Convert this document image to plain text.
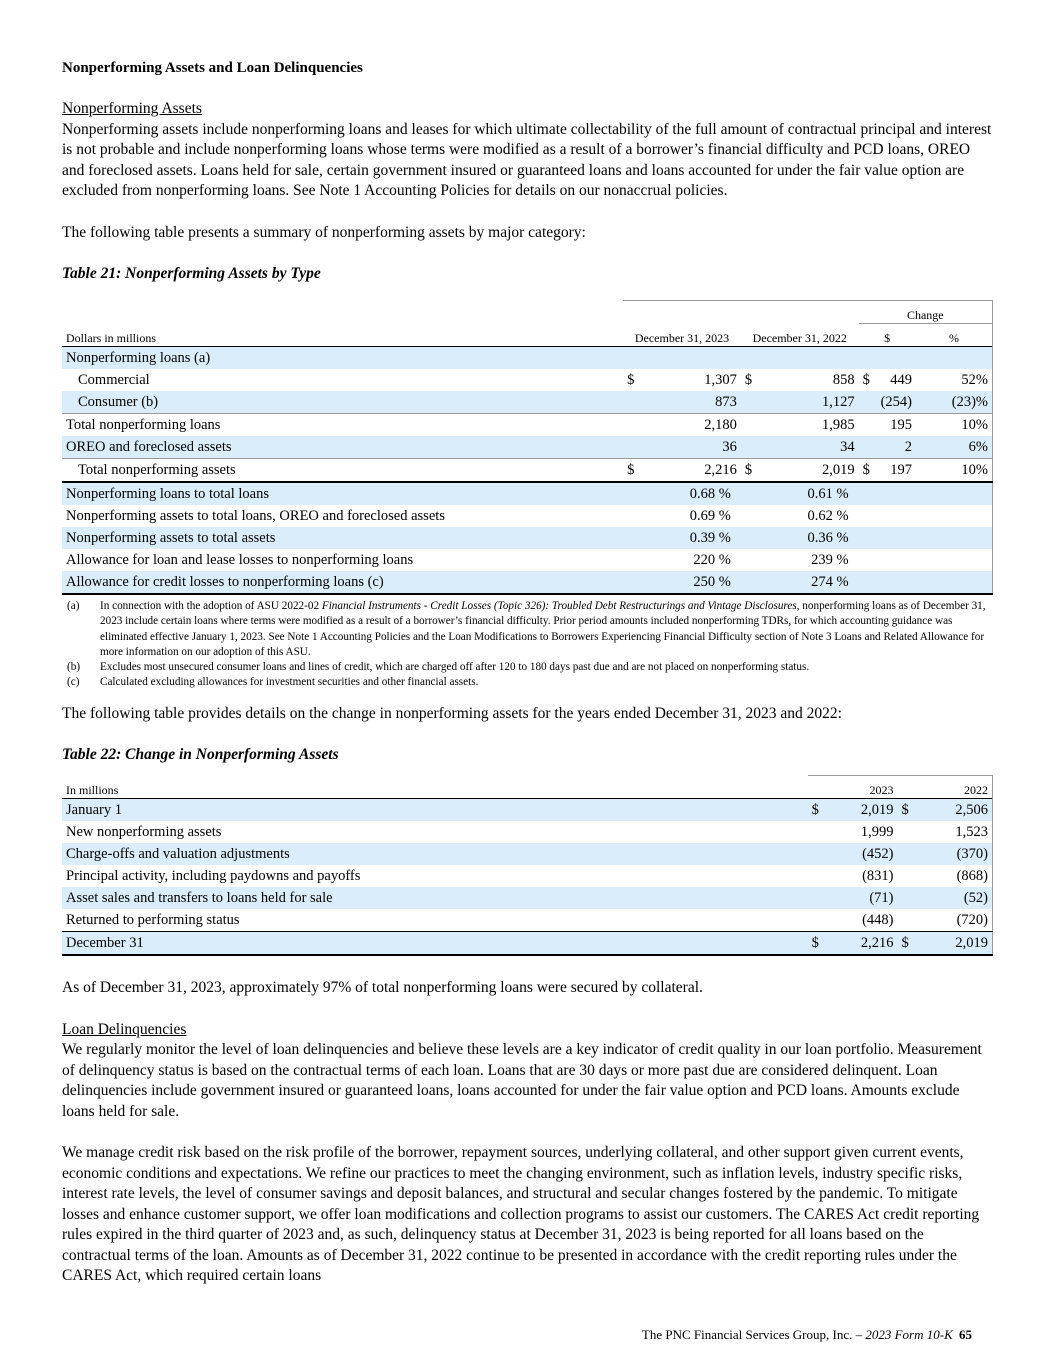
Nonperforming Assets and Loan Delinquencies

Nonperforming Assets

Nonperforming assets include nonperforming loans and leases for which ultimate collectability of the full amount of contractual principal and interest is not probable and include nonperforming loans whose terms were modified as a result of a borrower’s financial difficulty and PCD loans, OREO and foreclosed assets. Loans held for sale, certain government insured or guaranteed loans and loans accounted for under the fair value option are excluded from nonperforming loans. See Note 1 Accounting Policies for details on our nonaccrual policies.

The following table presents a summary of nonperforming assets by major category:

Table 21: Nonperforming Assets by Type

					Change		
Dollars in millions	December 31, 2023		December 31, 2022		$		%
Nonperforming loans (a)							
Commercial	$	1,307	$	858	$	449	52%
Consumer (b)		873		1,127		(254)	(23)%
Total nonperforming loans		2,180		1,985		195	10%
OREO and foreclosed assets		36		34		2	6%
Total nonperforming assets	$	2,216	$	2,019	$	197	10%
Nonperforming loans to total loans	0.68 %		0.61 %				
Nonperforming assets to total loans, OREO and foreclosed assets	0.69 %		0.62 %				
Nonperforming assets to total assets	0.39 %		0.36 %				
Allowance for loan and lease losses to nonperforming loans	220 %		239 %				
Allowance for credit losses to nonperforming loans (c)	250 %		274 %				
(a)	In connection with the adoption of ASU 2022-02 Financial Instruments - Credit Losses (Topic 326): Troubled Debt Restructurings and Vintage Disclosures, nonperforming loans as of December 31, 2023 include certain loans where terms were modified as a result of a borrower’s financial difficulty. Prior period amounts included nonperforming TDRs, for which accounting guidance was eliminated effective January 1, 2023. See Note 1 Accounting Policies and the Loan Modifications to Borrowers Experiencing Financial Difficulty section of Note 3 Loans and Related Allowance for more information on our adoption of this ASU.
(b)	Excludes most unsecured consumer loans and lines of credit, which are charged off after 120 to 180 days past due and are not placed on nonperforming status.
(c)	Calculated excluding allowances for investment securities and other financial assets.

The following table provides details on the change in nonperforming assets for the years ended December 31, 2023 and 2022:

Table 22: Change in Nonperforming Assets

In millions	2023		2022	
January 1	$	2,019	$	2,506
New nonperforming assets		1,999		1,523
Charge-offs and valuation adjustments		(452)		(370)
Principal activity, including paydowns and payoffs		(831)		(868)
Asset sales and transfers to loans held for sale		(71)		(52)
Returned to performing status		(448)		(720)
December 31	$	2,216	$	2,019

As of December 31, 2023, approximately 97% of total nonperforming loans were secured by collateral.

Loan Delinquencies

We regularly monitor the level of loan delinquencies and believe these levels are a key indicator of credit quality in our loan portfolio. Measurement of delinquency status is based on the contractual terms of each loan. Loans that are 30 days or more past due are considered delinquent. Loan delinquencies include government insured or guaranteed loans, loans accounted for under the fair value option and PCD loans. Amounts exclude loans held for sale.

We manage credit risk based on the risk profile of the borrower, repayment sources, underlying collateral, and other support given current events, economic conditions and expectations. We refine our practices to meet the changing environment, such as inflation levels, industry specific risks, interest rate levels, the level of consumer savings and deposit balances, and structural and secular changes fostered by the pandemic. To mitigate losses and enhance customer support, we offer loan modifications and collection programs to assist our customers. The CARES Act credit reporting rules expired in the third quarter of 2023 and, as such, delinquency status at December 31, 2023 is being reported for all loans based on the contractual terms of the loan. Amounts as of December 31, 2022 continue to be presented in accordance with the credit reporting rules under the CARES Act, which required certain loans

The PNC Financial Services Group, Inc. – 2023 Form 10-K 65
